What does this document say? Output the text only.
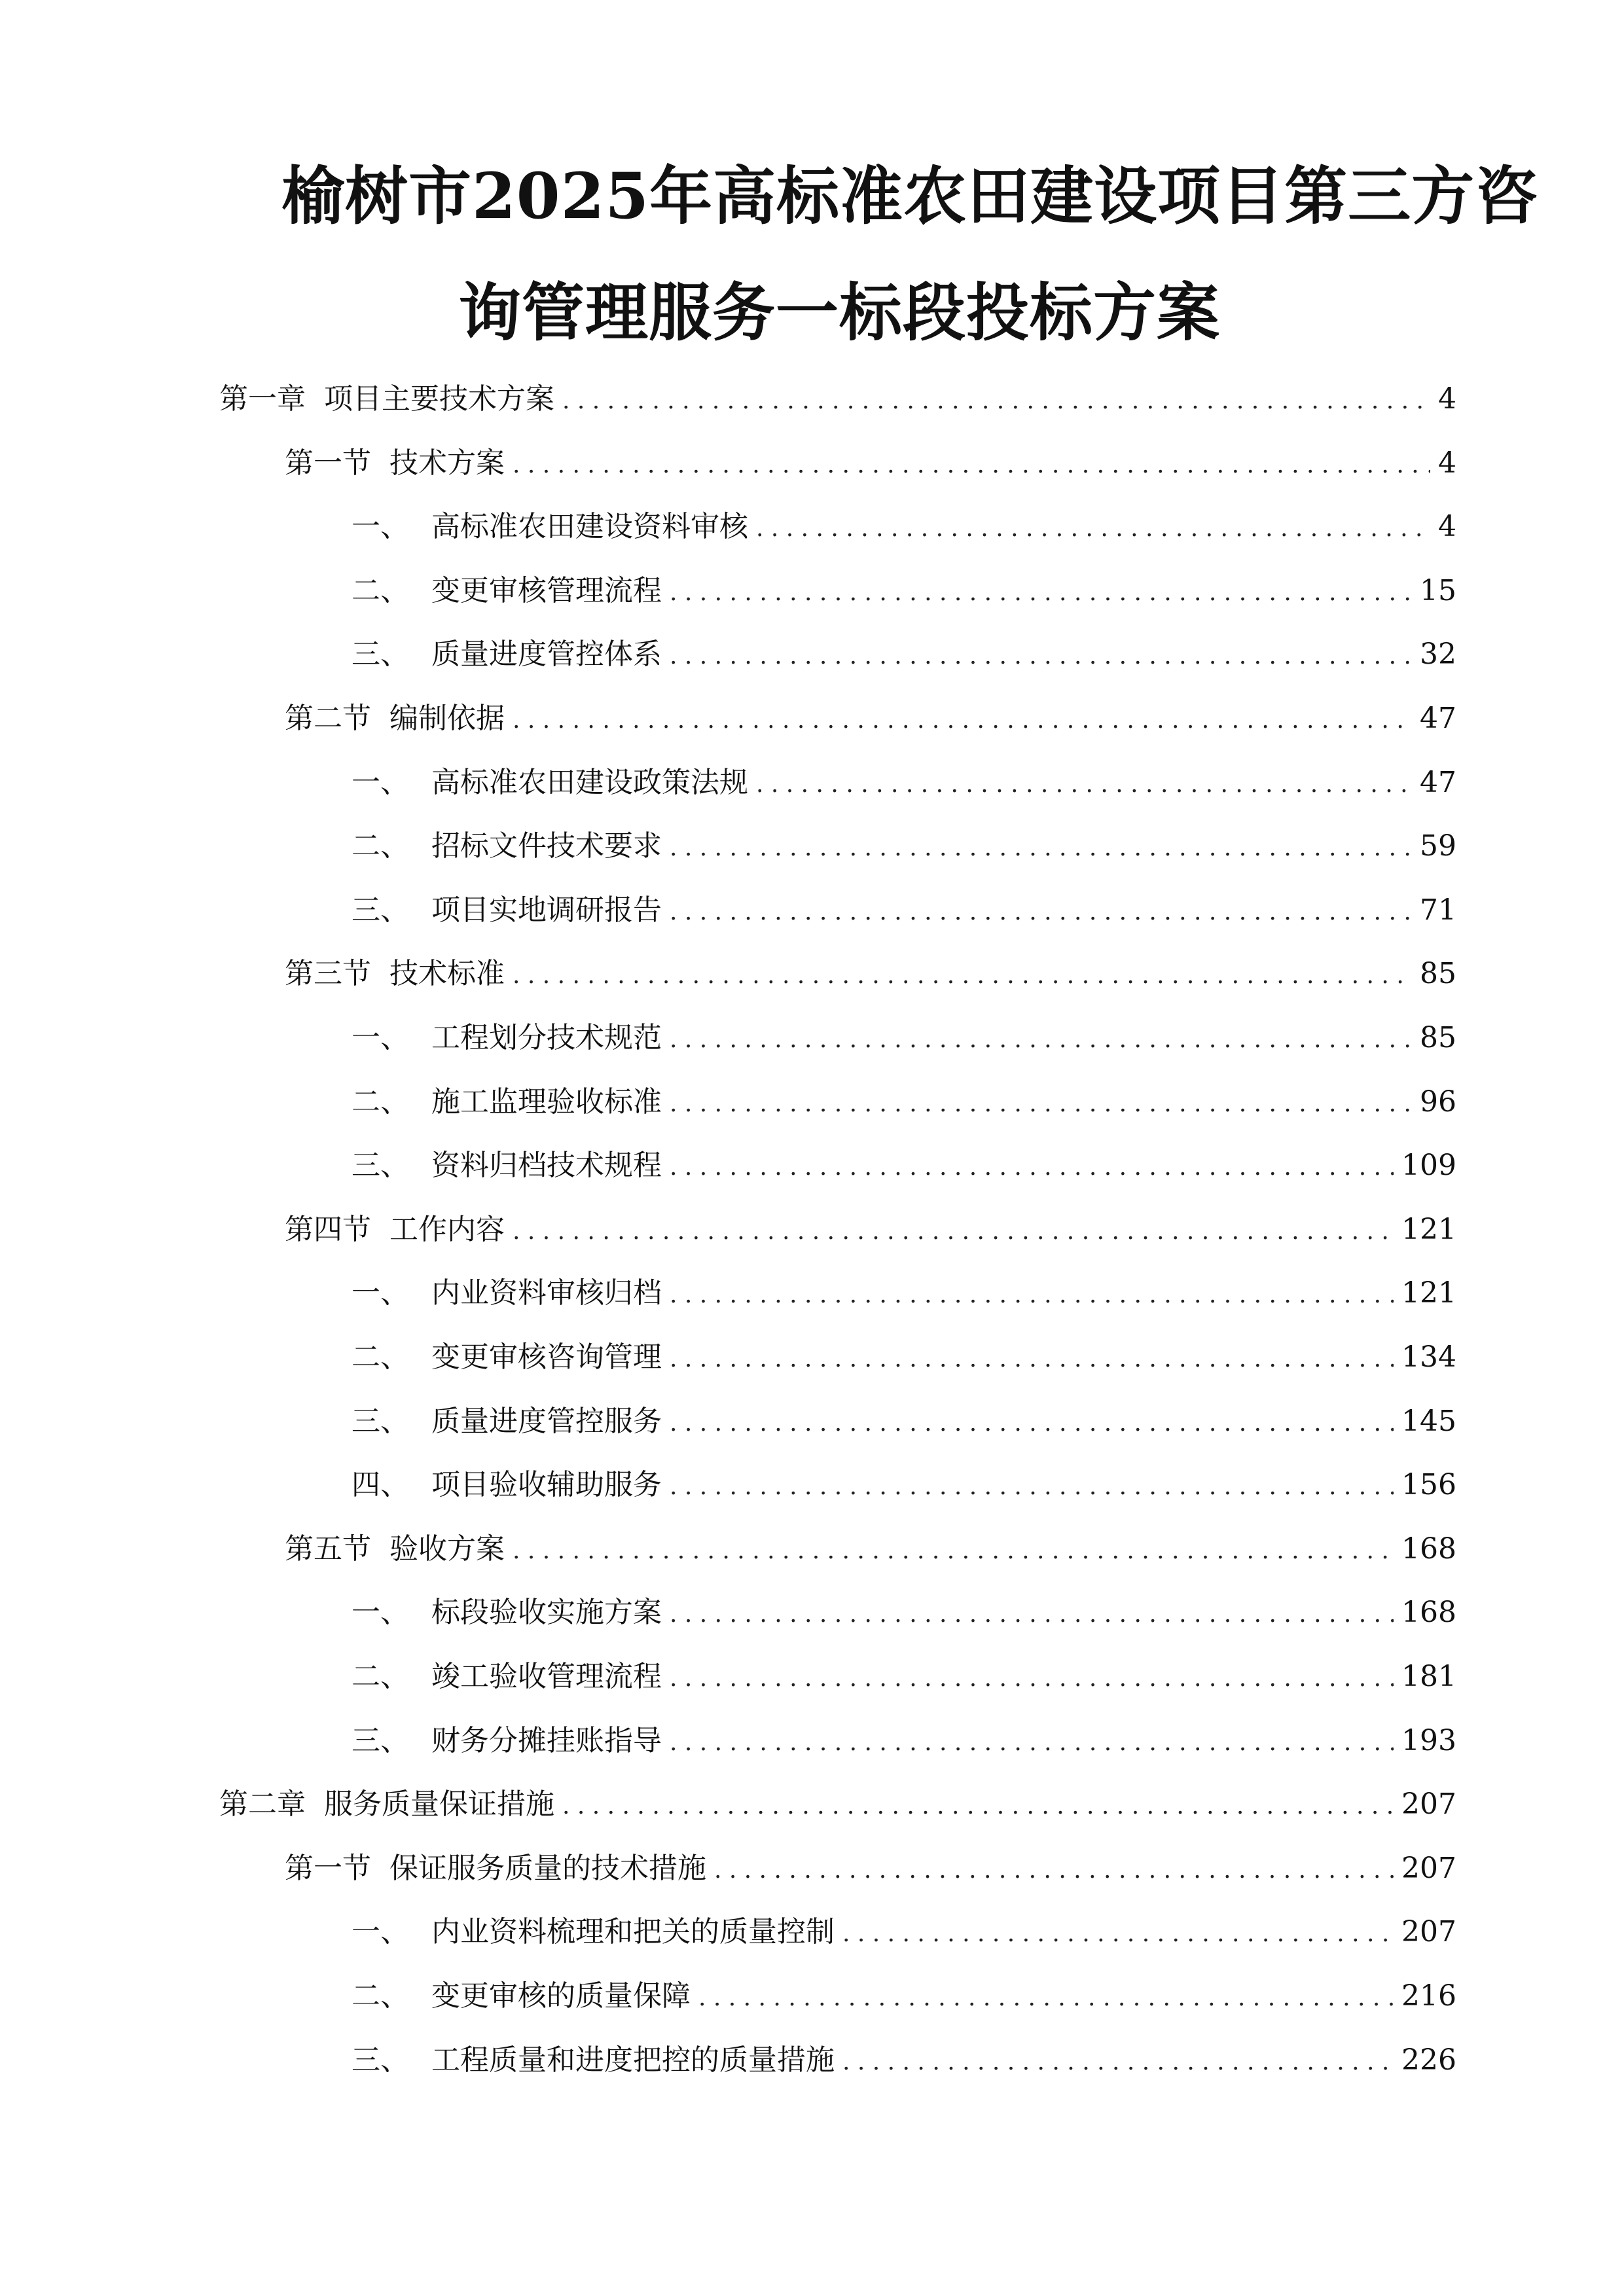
榆树市2025年高标准农田建设项目第三方咨
询管理服务一标段投标方案
第一章 项目主要技术方案 . . .	4
第一节 技术方案 . . .	4
一、 高标准农田建设资料审核 . . .	4
二、 变更审核管理流程 . . .	15
三、 质量进度管控体系 . . .	32
第二节 编制依据 . . .	47
一、 高标准农田建设政策法规 . . .	47
二、 招标文件技术要求 . . .	59
三、 项目实地调研报告 . . .	71
第三节 技术标准 . . .	85
一、 工程划分技术规范 . . .	85
二、 施工监理验收标准 . . .	96
三、 资料归档技术规程 . . .	109
第四节 工作内容 . . .	121
一、 内业资料审核归档 . . .	121
二、 变更审核咨询管理 . . .	134
三、 质量进度管控服务 . . .	145
四、 项目验收辅助服务 . . .	156
第五节 验收方案 . . .	168
一、 标段验收实施方案 . . .	168
二、 竣工验收管理流程 . . .	181
三、 财务分摊挂账指导 . . .	193
第二章 服务质量保证措施 . . .	207
第一节 保证服务质量的技术措施 . . .	207
一、 内业资料梳理和把关的质量控制 . . .	207
二、 变更审核的质量保障 . . .	216
三、 工程质量和进度把控的质量措施 . . .	226
